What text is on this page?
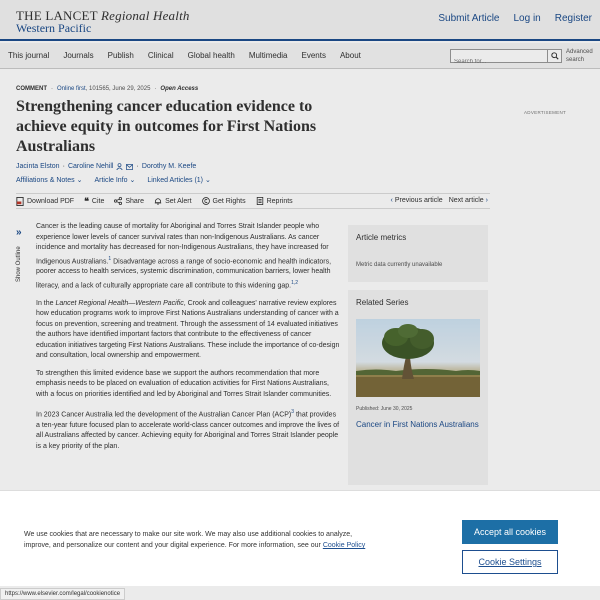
THE LANCET Regional Health
Western Pacific
Submit Article Log in Register
This journal Journals Publish Clinical Global health Multimedia Events About
Search for...	Advanced
search
ADVERTISEMENT
COMMENT · Online first , 101565, June 29, 2025 · Open Access
Strengthening cancer education evidence to achieve equity in outcomes for First Nations Australians
Jacinta Elston · Caroline Nehill	· Dorothy M. Keefe
Affiliations & Notes ⌄ Article Info ⌄ Linked Articles (1) ⌄
Download PDF ❝ Cite	Share	Set Alert	Get Rights	Reprints	‹ Previous article Next article ›
»
Show Outline

Cancer is the leading cause of mortality for Aboriginal and Torres Strait Islander people who experience lower levels of cancer survival rates than non-Indigenous Australians. As cancer incidence and mortality has decreased for non-Indigenous Australians, they have increased for Indigenous Australians.$^1$ Disadvantage across a range of socio-economic and health indicators, poorer access to health services, systemic discrimination, communication barriers, lower health literacy, and a lack of culturally appropriate care all contribute to this widening gap.$^{1,2}$

In the Lancet Regional Health—Western Pacific, Crook and colleagues' narrative review explores how education programs work to improve First Nations Australians understanding of cancer with a focus on prevention, screening and treatment. Through the assessment of 14 evaluated initiatives the authors have identified important factors that contribute to the effectiveness of cancer education initiatives targeting First Nations Australians. These include the importance of co-design and consultation, local ownership and empowerment.

To strengthen this limited evidence base we support the authors recommendation that more emphasis needs to be placed on evaluation of education activities for First Nations Australians, with a focus on priorities identified and led by Aboriginal and Torres Strait Islander communities.

In 2023 Cancer Australia led the development of the Australian Cancer Plan (ACP)$^3$ that provides a ten-year future focused plan to accelerate world-class cancer outcomes and improve the lives of all Australians affected by cancer. Achieving equity for Aboriginal and Torres Strait Islander people is a key priority of the plan.

Article metrics

Metric data currently unavailable

Related Series
Published: June 30, 2025
Cancer in First Nations Australians
We use cookies that are necessary to make our site work. We may also use additional cookies to analyze, improve, and personalize our content and your digital experience. For more information, see our Cookie Policy
Accept all cookies
Cookie Settings
https://www.elsevier.com/legal/cookienotice
